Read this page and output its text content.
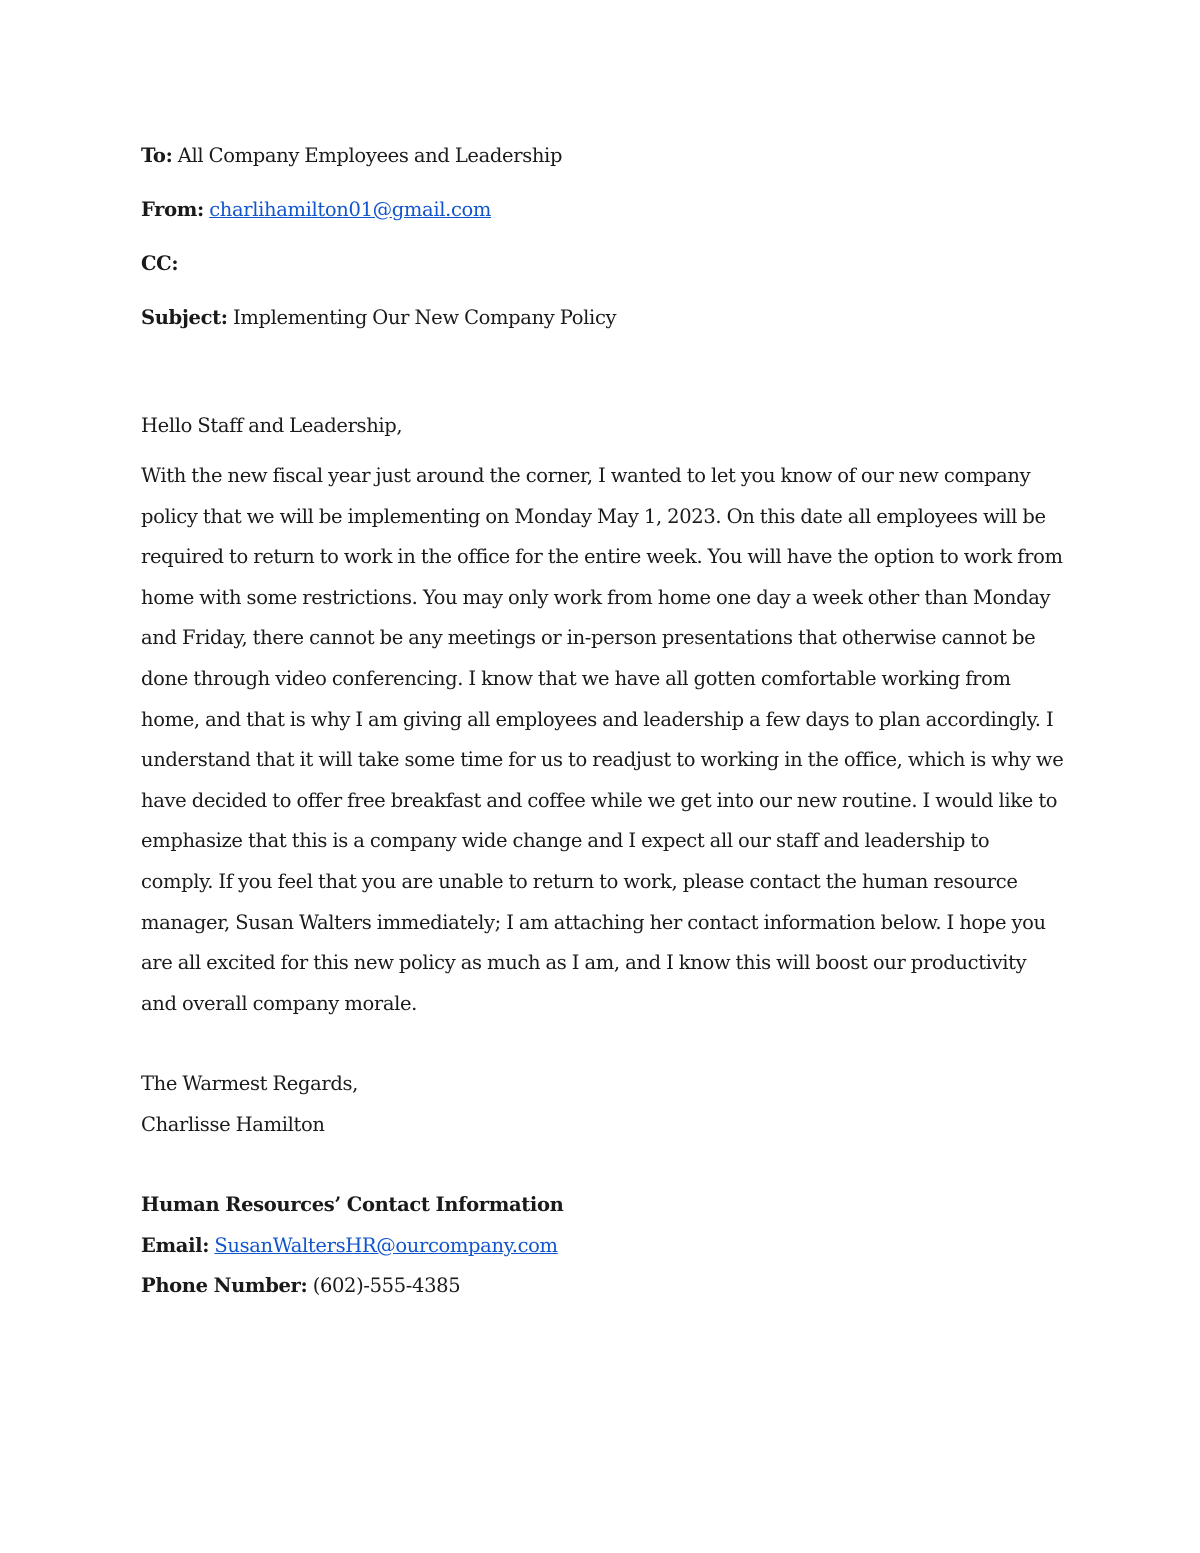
To: All Company Employees and Leadership

From: charlihamilton01@gmail.com

CC:

Subject: Implementing Our New Company Policy

Hello Staff and Leadership,

With the new fiscal year just around the corner, I wanted to let you know of our new company policy that we will be implementing on Monday May 1, 2023. On this date all employees will be required to return to work in the office for the entire week. You will have the option to work from home with some restrictions. You may only work from home one day a week other than Monday and Friday, there cannot be any meetings or in-person presentations that otherwise cannot be done through video conferencing. I know that we have all gotten comfortable working from home, and that is why I am giving all employees and leadership a few days to plan accordingly. I understand that it will take some time for us to readjust to working in the office, which is why we have decided to offer free breakfast and coffee while we get into our new routine. I would like to emphasize that this is a company wide change and I expect all our staff and leadership to comply. If you feel that you are unable to return to work, please contact the human resource manager, Susan Walters immediately; I am attaching her contact information below. I hope you are all excited for this new policy as much as I am, and I know this will boost our productivity and overall company morale.

The Warmest Regards,

Charlisse Hamilton

Human Resources’ Contact Information

Email: SusanWaltersHR@ourcompany.com

Phone Number: (602)-555-4385
